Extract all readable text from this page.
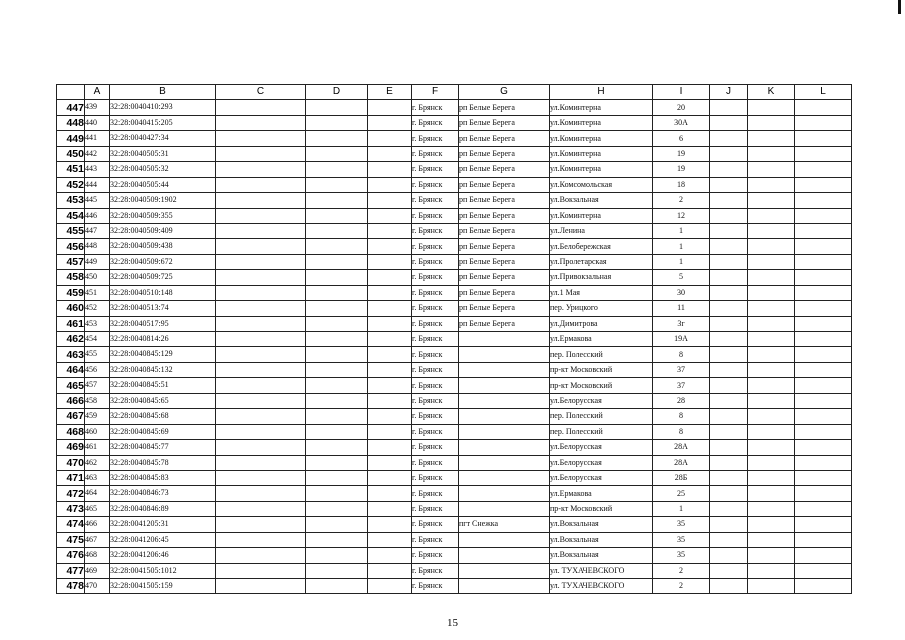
	A	B	C	D	E	F	G	H	I	J	K	L
447	439	32:28:0040410:293				г. Брянск	рп Белые Берега	ул.Коминтерна	20			
448	440	32:28:0040415:205				г. Брянск	рп Белые Берега	ул.Коминтерна	30А			
449	441	32:28:0040427:34				г. Брянск	рп Белые Берега	ул.Коминтерна	6			
450	442	32:28:0040505:31				г. Брянск	рп Белые Берега	ул.Коминтерна	19			
451	443	32:28:0040505:32				г. Брянск	рп Белые Берега	ул.Коминтерна	19			
452	444	32:28:0040505:44				г. Брянск	рп Белые Берега	ул.Комсомольская	18			
453	445	32:28:0040509:1902				г. Брянск	рп Белые Берега	ул.Вокзальная	2			
454	446	32:28:0040509:355				г. Брянск	рп Белые Берега	ул.Коминтерна	12			
455	447	32:28:0040509:409				г. Брянск	рп Белые Берега	ул.Ленина	1			
456	448	32:28:0040509:438				г. Брянск	рп Белые Берега	ул.Белобережская	1			
457	449	32:28:0040509:672				г. Брянск	рп Белые Берега	ул.Пролетарская	1			
458	450	32:28:0040509:725				г. Брянск	рп Белые Берега	ул.Привокзальная	5			
459	451	32:28:0040510:148				г. Брянск	рп Белые Берега	ул.1 Мая	30			
460	452	32:28:0040513:74				г. Брянск	рп Белые Берега	пер. Урицкого	11			
461	453	32:28:0040517:95				г. Брянск	рп Белые Берега	ул.Димитрова	3г			
462	454	32:28:0040814:26				г. Брянск		ул.Ермакова	19А			
463	455	32:28:0040845:129				г. Брянск		пер. Полесский	8			
464	456	32:28:0040845:132				г. Брянск		пр-кт Московский	37			
465	457	32:28:0040845:51				г. Брянск		пр-кт Московский	37			
466	458	32:28:0040845:65				г. Брянск		ул.Белорусская	28			
467	459	32:28:0040845:68				г. Брянск		пер. Полесский	8			
468	460	32:28:0040845:69				г. Брянск		пер. Полесский	8			
469	461	32:28:0040845:77				г. Брянск		ул.Белорусская	28А			
470	462	32:28:0040845:78				г. Брянск		ул.Белорусская	28А			
471	463	32:28:0040845:83				г. Брянск		ул.Белорусская	28Б			
472	464	32:28:0040846:73				г. Брянск		ул.Ермакова	25			
473	465	32:28:0040846:89				г. Брянск		пр-кт Московский	1			
474	466	32:28:0041205:31				г. Брянск	пгт Снежка	ул.Вокзальная	35			
475	467	32:28:0041206:45				г. Брянск		ул.Вокзальная	35			
476	468	32:28:0041206:46				г. Брянск		ул.Вокзальная	35			
477	469	32:28:0041505:1012				г. Брянск		ул. ТУХАЧЕВСКОГО	2			
478	470	32:28:0041505:159				г. Брянск		ул. ТУХАЧЕВСКОГО	2			
15
